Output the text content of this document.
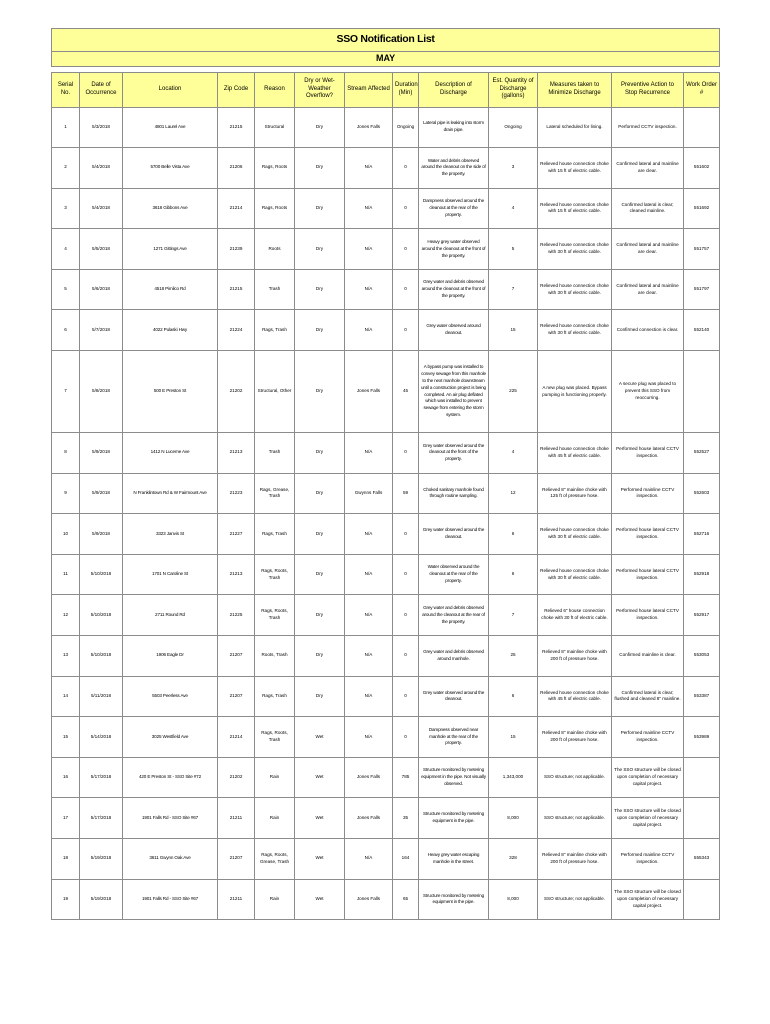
SSO Notification List												
MAY												

Serial No.	Date of Occurrence	Location	Zip Code	Reason	Dry or Wet-Weather Overflow?	Stream Affected	Duration (Min)	Description of Discharge	Est. Quantity of Discharge (gallons)	Measures taken to Minimize Discharge	Preventive Action to Stop Recurrence	Work Order #
1	5/3/2018	4801 Laurel Ave	21215	Structural	Dry	Jones Falls	Ongoing	Lateral pipe is leaking into storm drain pipe.	Ongoing	Lateral scheduled for lining.	Performed CCTV inspection.	
2	5/4/2018	5700 Belle Vista Ave	21206	Rags, Roots	Dry	N/A	0	Water and debris observed around the cleanout on the side of the property.	3	Relieved house connection choke with 15 ft of electric cable.	Confirmed lateral and mainline are clear.	551602
3	5/4/2018	3618 Gibbons Ave	21214	Rags, Roots	Dry	N/A	0	Dampness observed around the cleanout at the rear of the property.	4	Relieved house connection choke with 15 ft of electric cable.	Confirmed lateral is clear; cleaned mainline.	551692
4	5/5/2018	1271 Gittings Ave	21239	Roots	Dry	N/A	0	Heavy grey water observed around the cleanout at the front of the property.	5	Relieved house connection choke with 30 ft of electric cable.	Confirmed lateral and mainline are clear.	551757
5	5/6/2018	4518 Pimlico Rd	21215	Trash	Dry	N/A	0	Grey water and debris observed around the cleanout at the front of the property.	7	Relieved house connection choke with 30 ft of electric cable.	Confirmed lateral and mainline are clear.	551797
6	5/7/2018	4022 Pulaski Hwy	21224	Rags, Trash	Dry	N/A	0	Grey water observed around cleanout.	15	Relieved house connection choke with 30 ft of electric cable.	Confirmed connection is clear.	552140
7	5/8/2018	500 E Preston St	21202	Structural, Other	Dry	Jones Falls	45	A bypass pump was installed to convey sewage from this manhole to the next manhole downstream until a construction project is being completed. An air plug deflated which was installed to prevent sewage from entering the storm system.	225	A new plug was placed. Bypass pumping is functioning properly.	A secure plug was placed to prevent this SSO from reoccurring.	
8	5/9/2018	1412 N Lucerne Ave	21213	Trash	Dry	N/A	0	Grey water observed around the cleanout at the front of the property.	4	Relieved house connection choke with 45 ft of electric cable.	Performed house lateral CCTV inspection.	552527
9	5/9/2018	N Franklintown Rd & W Fairmount Ave	21223	Rags, Grease, Trash	Dry	Gwynns Falls	59	Choked sanitary manhole found through routine sampling.	12	Relieved 8" mainline choke with 125 ft of pressure hose.	Performed mainline CCTV inspection.	552603
10	5/9/2018	3323 Janvis St	21227	Rags, Trash	Dry	N/A	0	Grey water observed around the cleanout.	6	Relieved house connection choke with 30 ft of electric cable.	Performed house lateral CCTV inspection.	552716
11	5/10/2018	1701 N Caroline St	21213	Rags, Roots, Trash	Dry	N/A	0	Water observed around the cleanout at the rear of the property.	6	Relieved house connection choke with 30 ft of electric cable.	Performed house lateral CCTV inspection.	552918
12	5/10/2018	2711 Round Rd	21225	Rags, Roots, Trash	Dry	N/A	0	Grey water and debris observed around the cleanout at the rear of the property.	7	Relieved 6" house connection choke with 30 ft of electric cable.	Performed house lateral CCTV inspection.	552917
13	5/10/2018	1906 Eagle Dr	21207	Roots, Trash	Dry	N/A	0	Grey water and debris observed around manhole.	25	Relieved 8" mainline choke with 200 ft of pressure hose.	Confirmed mainline is clear.	553053
14	5/11/2018	5503 Peerless Ave	21207	Rags, Trash	Dry	N/A	0	Grey water observed around the cleanout.	6	Relieved house connection choke with 45 ft of electric cable.	Confirmed lateral is clear; flushed and cleaned 8" mainline.	553387
15	5/14/2018	3025 Westfield Ave	21214	Rags, Roots, Trash	Wet	N/A	0	Dampness observed near manhole at the rear of the property.	15	Relieved 8" mainline choke with 200 ft of pressure hose.	Performed mainline CCTV inspection.	553989
16	5/17/2018	420 E Preston St - SSO Site #72	21202	Rain	Wet	Jones Falls	785	Structure monitored by metering equipment in the pipe. Not visually observed.	1,343,000	SSO structure; not applicable.	The SSO structure will be closed upon completion of necessary capital project.	
17	5/17/2018	1901 Falls Rd - SSO Site #67	21211	Rain	Wet	Jones Falls	35	Structure monitored by metering equipment in the pipe.	8,000	SSO structure; not applicable.	The SSO structure will be closed upon completion of necessary capital project.	
18	5/19/2018	3611 Gwynn Oak Ave	21207	Rags, Roots, Grease, Trash	Wet	N/A	164	Heavy grey water escaping manhole in the street.	328	Relieved 8" mainline choke with 200 ft of pressure hose.	Performed mainline CCTV inspection.	555343
19	5/19/2018	1901 Falls Rd - SSO Site #67	21211	Rain	Wet	Jones Falls	65	Structure monitored by metering equipment in the pipe.	8,000	SSO structure; not applicable.	The SSO structure will be closed upon completion of necessary capital project.	
